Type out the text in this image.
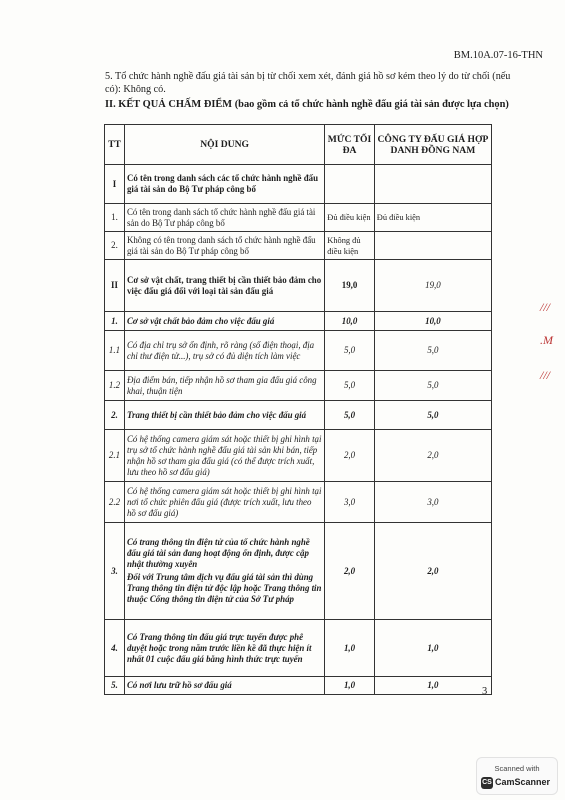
BM.10A.07-16-THN
5. Tổ chức hành nghề đấu giá tài sản bị từ chối xem xét, đánh giá hồ sơ kém theo lý do từ chối (nếu có): Không có.
II. KẾT QUẢ CHẤM ĐIỂM (bao gồm cả tổ chức hành nghề đấu giá tài sản được lựa chọn)
TT	NỘI DUNG	MỨC TỐI ĐA	CÔNG TY ĐẤU GIÁ HỢP DANH ĐỒNG NAM
I	Có tên trong danh sách các tổ chức hành nghề đấu giá tài sản do Bộ Tư pháp công bố		
1.	Có tên trong danh sách tổ chức hành nghề đấu giá tài sản do Bộ Tư pháp công bố	Đủ điều kiện	Đủ điều kiện
2.	Không có tên trong danh sách tổ chức hành nghề đấu giá tài sản do Bộ Tư pháp công bố	Không đủ điều kiện	
II	Cơ sở vật chất, trang thiết bị cần thiết bảo đảm cho việc đấu giá đối với loại tài sản đấu giá	19,0	19,0
1.	Cơ sở vật chất bảo đảm cho việc đấu giá	10,0	10,0
1.1	Có địa chỉ trụ sở ổn định, rõ ràng (số điện thoại, địa chỉ thư điện tử...), trụ sở có đủ diện tích làm việc	5,0	5,0
1.2	Địa điểm bán, tiếp nhận hồ sơ tham gia đấu giá công khai, thuận tiện	5,0	5,0
2.	Trang thiết bị cần thiết bảo đảm cho việc đấu giá	5,0	5,0
2.1	Có hệ thống camera giám sát hoặc thiết bị ghi hình tại trụ sở tổ chức hành nghề đấu giá tài sản khi bán, tiếp nhận hồ sơ tham gia đấu giá (có thể được trích xuất, lưu theo hồ sơ đấu giá)	2,0	2,0
2.2	Có hệ thống camera giám sát hoặc thiết bị ghi hình tại nơi tổ chức phiên đấu giá (được trích xuất, lưu theo hồ sơ đấu giá)	3,0	3,0
3.	Có trang thông tin điện tử của tổ chức hành nghề đấu giá tài sản đang hoạt động ổn định, được cập nhật thường xuyên
Đối với Trung tâm dịch vụ đấu giá tài sản thì dùng Trang thông tin điện tử độc lập hoặc Trang thông tin thuộc Cổng thông tin điện tử của Sở Tư pháp	2,0	2,0
4.	Có Trang thông tin đấu giá trực tuyến được phê duyệt hoặc trong năm trước liền kề đã thực hiện ít nhất 01 cuộc đấu giá bằng hình thức trực tuyến	1,0	1,0
5.	Có nơi lưu trữ hồ sơ đấu giá	1,0	1,0
///
.M
///
3
Scanned with
CS CamScanner
